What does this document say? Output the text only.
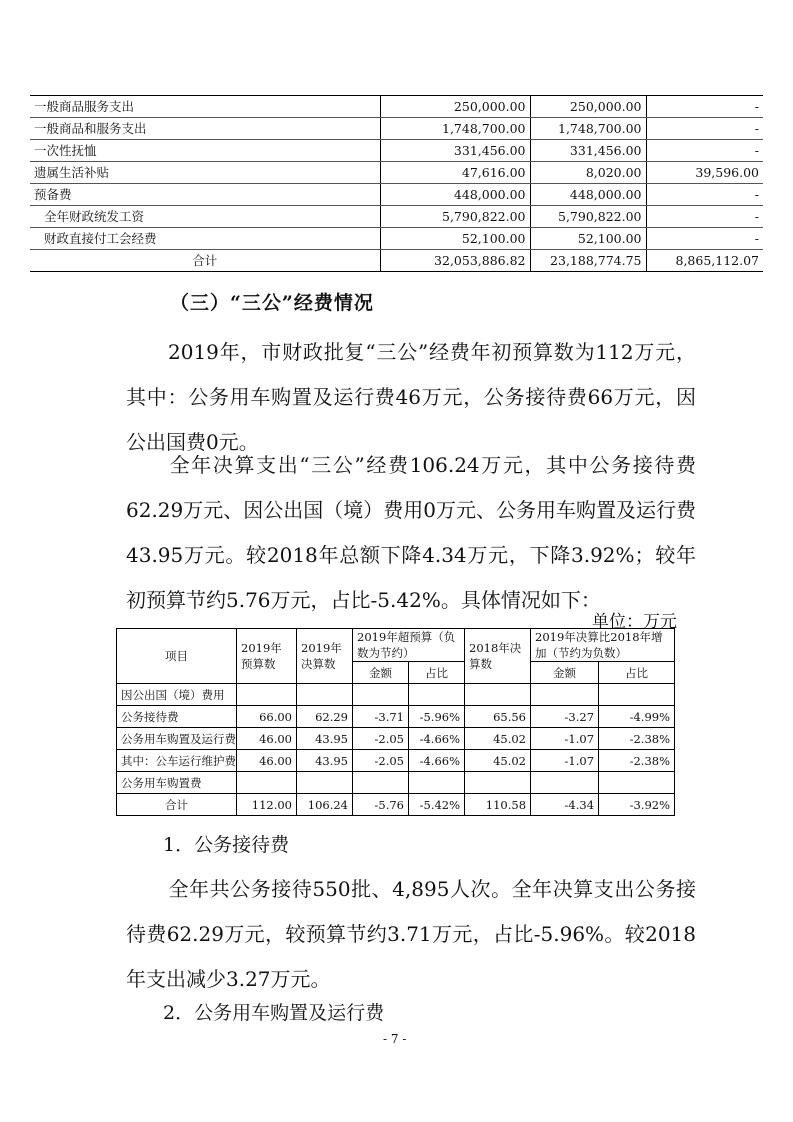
一般商品服务支出	250,000.00	250,000.00	-
一般商品和服务支出	1,748,700.00	1,748,700.00	-
一次性抚恤	331,456.00	331,456.00	-
遗属生活补贴	47,616.00	8,020.00	39,596.00
预备费	448,000.00	448,000.00	-
全年财政统发工资	5,790,822.00	5,790,822.00	-
财政直接付工会经费	52,100.00	52,100.00	-
合计	32,053,886.82	23,188,774.75	8,865,112.07
（三）“三公”经费情况

2019年，市财政批复“三公”经费年初预算数为112万元，其中：公务用车购置及运行费46万元，公务接待费66万元，因公出国费0元。

全年决算支出“三公”经费106.24万元，其中公务接待费62.29万元、因公出国（境）费用0万元、公务用车购置及运行费43.95万元。较2018年总额下降4.34万元，下降3.92%；较年初预算节约5.76万元，占比-5.42%。具体情况如下：

单位：万元
项目	2019年预算数	2019年决算数	2019年超预算（负数为节约）		2018年决算数	2019年决算比2018年增加（节约为负数）	
			金额	占比		金额	占比
因公出国（境）费用							
公务接待费	66.00	62.29	-3.71	-5.96%	65.56	-3.27	-4.99%
公务用车购置及运行费	46.00	43.95	-2.05	-4.66%	45.02	-1.07	-2.38%
其中：公车运行维护费	46.00	43.95	-2.05	-4.66%	45.02	-1.07	-2.38%
公务用车购置费							
合计	112.00	106.24	-5.76	-5.42%	110.58	-4.34	-3.92%
1．公务接待费

全年共公务接待550批、4,895人次。全年决算支出公务接待费62.29万元，较预算节约3.71万元，占比-5.96%。较2018年支出减少3.27万元。

2．公务用车购置及运行费
- 7 -
